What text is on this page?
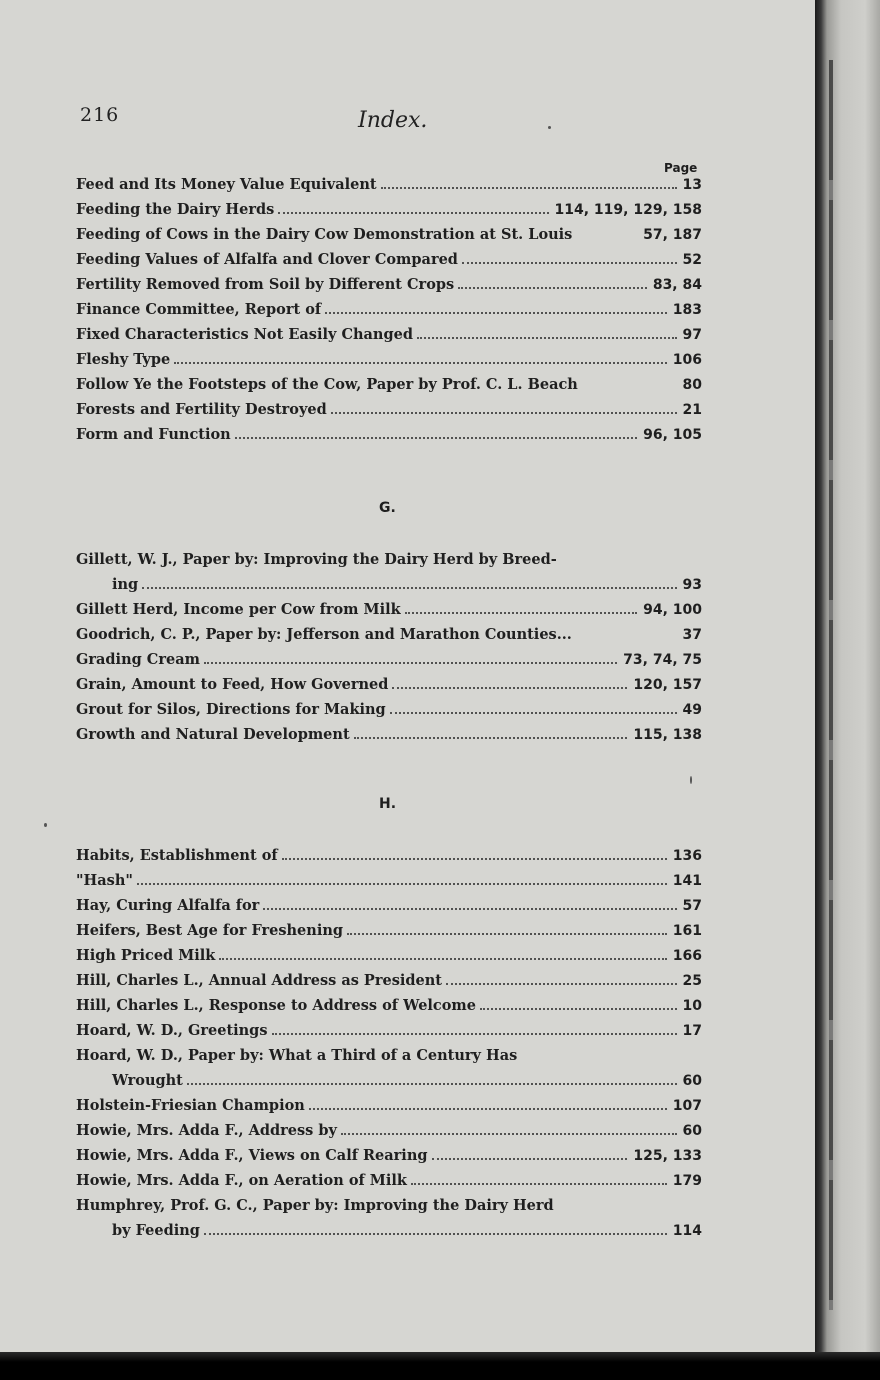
216	Index.
Page
Feed and Its Money Value Equivalent	13
Feeding the Dairy Herds	114, 119, 129, 158
Feeding of Cows in the Dairy Cow Demonstration at St. Louis	57, 187
Feeding Values of Alfalfa and Clover Compared	52
Fertility Removed from Soil by Different Crops	83, 84
Finance Committee, Report of	183
Fixed Characteristics Not Easily Changed	97
Fleshy Type	106
Follow Ye the Footsteps of the Cow, Paper by Prof. C. L. Beach	80
Forests and Fertility Destroyed	21
Form and Function	96, 105
G.
Gillett, W. J., Paper by: Improving the Dairy Herd by Breed-
ing	93
Gillett Herd, Income per Cow from Milk	94, 100
Goodrich, C. P., Paper by: Jefferson and Marathon Counties...	37
Grading Cream	73, 74, 75
Grain, Amount to Feed, How Governed	120, 157
Grout for Silos, Directions for Making	49
Growth and Natural Development	115, 138
H.
Habits, Establishment of	136
"Hash"	141
Hay, Curing Alfalfa for	57
Heifers, Best Age for Freshening	161
High Priced Milk	166
Hill, Charles L., Annual Address as President	25
Hill, Charles L., Response to Address of Welcome	10
Hoard, W. D., Greetings	17
Hoard, W. D., Paper by: What a Third of a Century Has
Wrought	60
Holstein-Friesian Champion	107
Howie, Mrs. Adda F., Address by	60
Howie, Mrs. Adda F., Views on Calf Rearing	125, 133
Howie, Mrs. Adda F., on Aeration of Milk	179
Humphrey, Prof. G. C., Paper by: Improving the Dairy Herd
by Feeding	114
